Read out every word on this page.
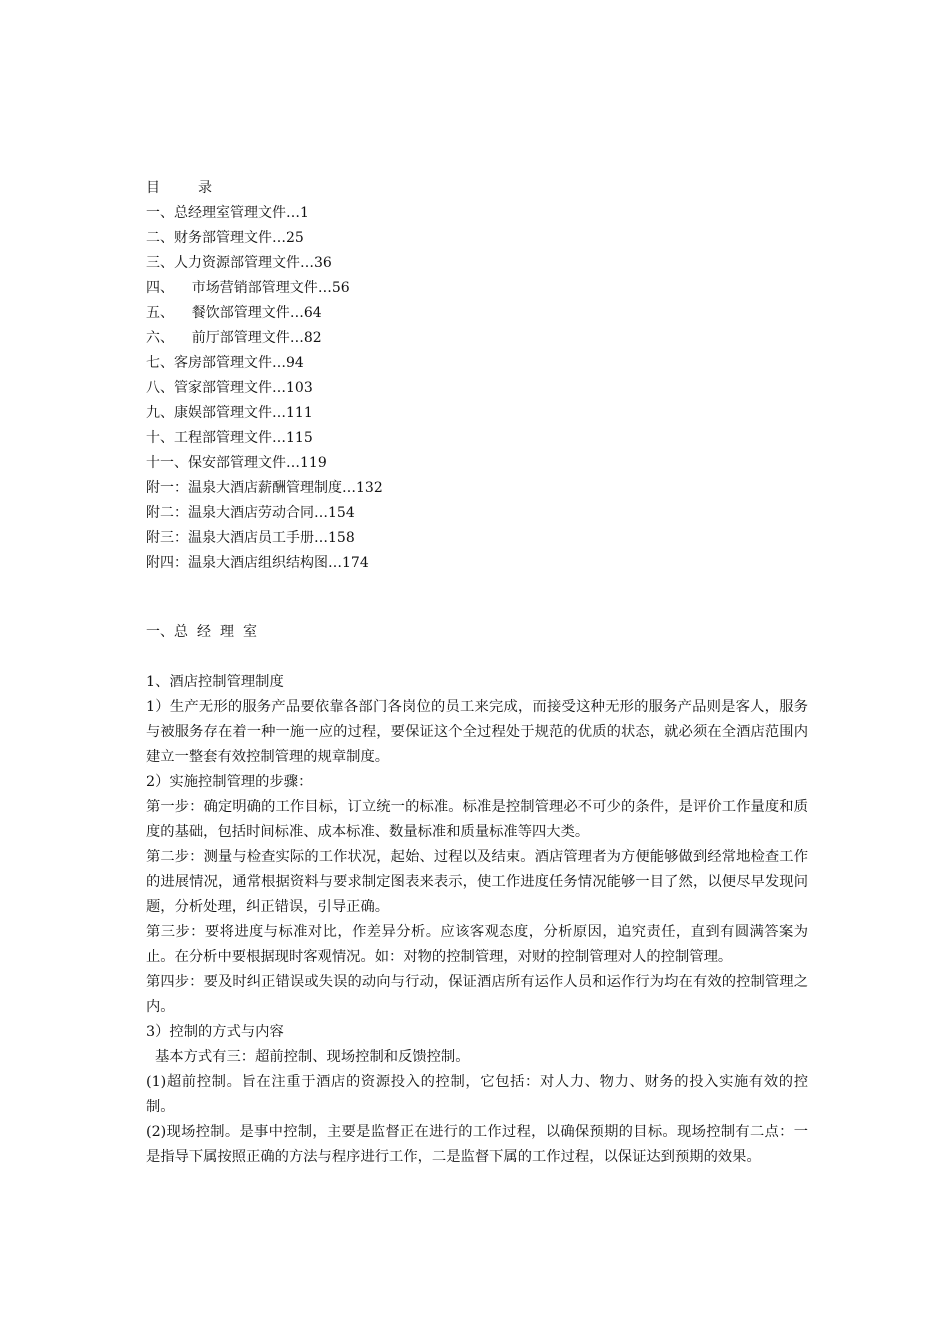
目	录
一、总经理室管理文件 … 1
二、财务部管理文件 … 25
三、人力资源部管理文件 … 36
四、    市场营销部管理文件 … 56
五、    餐饮部管理文件 … 64
六、    前厅部管理文件 … 82
七、客房部管理文件 … 94
八、管家部管理文件 … 103
九、康娱部管理文件 … 111
十、工程部管理文件 … 115
十一、保安部管理文件 … 119
附一：温泉大酒店薪酬管理制度 … 132
附二：温泉大酒店劳动合同 … 154
附三：温泉大酒店员工手册 … 158
附四：温泉大酒店组织结构图 … 174
一、总 经 理 室

1、酒店控制管理制度

1）生产无形的服务产品要依靠各部门各岗位的员工来完成，而接受这种无形的服务产品则是客人，服务与被服务存在着一种一施一应的过程，要保证这个全过程处于规范的优质的状态，就必须在全酒店范围内建立一整套有效控制管理的规章制度。

2）实施控制管理的步骤：

第一步：确定明确的工作目标，订立统一的标准。标准是控制管理必不可少的条件，是评价工作量度和质度的基础，包括时间标准、成本标准、数量标准和质量标准等四大类。

第二步：测量与检查实际的工作状况，起始、过程以及结束。酒店管理者为方便能够做到经常地检查工作的进展情况，通常根据资料与要求制定图表来表示，使工作进度任务情况能够一目了然，以便尽早发现问题，分析处理，纠正错误，引导正确。

第三步：要将进度与标准对比，作差异分析。应该客观态度，分析原因，追究责任，直到有圆满答案为止。在分析中要根据现时客观情况。如：对物的控制管理，对财的控制管理对人的控制管理。

第四步：要及时纠正错误或失误的动向与行动，保证酒店所有运作人员和运作行为均在有效的控制管理之内。

3）控制的方式与内容

基本方式有三：超前控制、现场控制和反馈控制。

(1)超前控制。旨在注重于酒店的资源投入的控制，它包括：对人力、物力、财务的投入实施有效的控制。

(2)现场控制。是事中控制，主要是监督正在进行的工作过程，以确保预期的目标。现场控制有二点：一是指导下属按照正确的方法与程序进行工作，二是监督下属的工作过程，以保证达到预期的效果。
